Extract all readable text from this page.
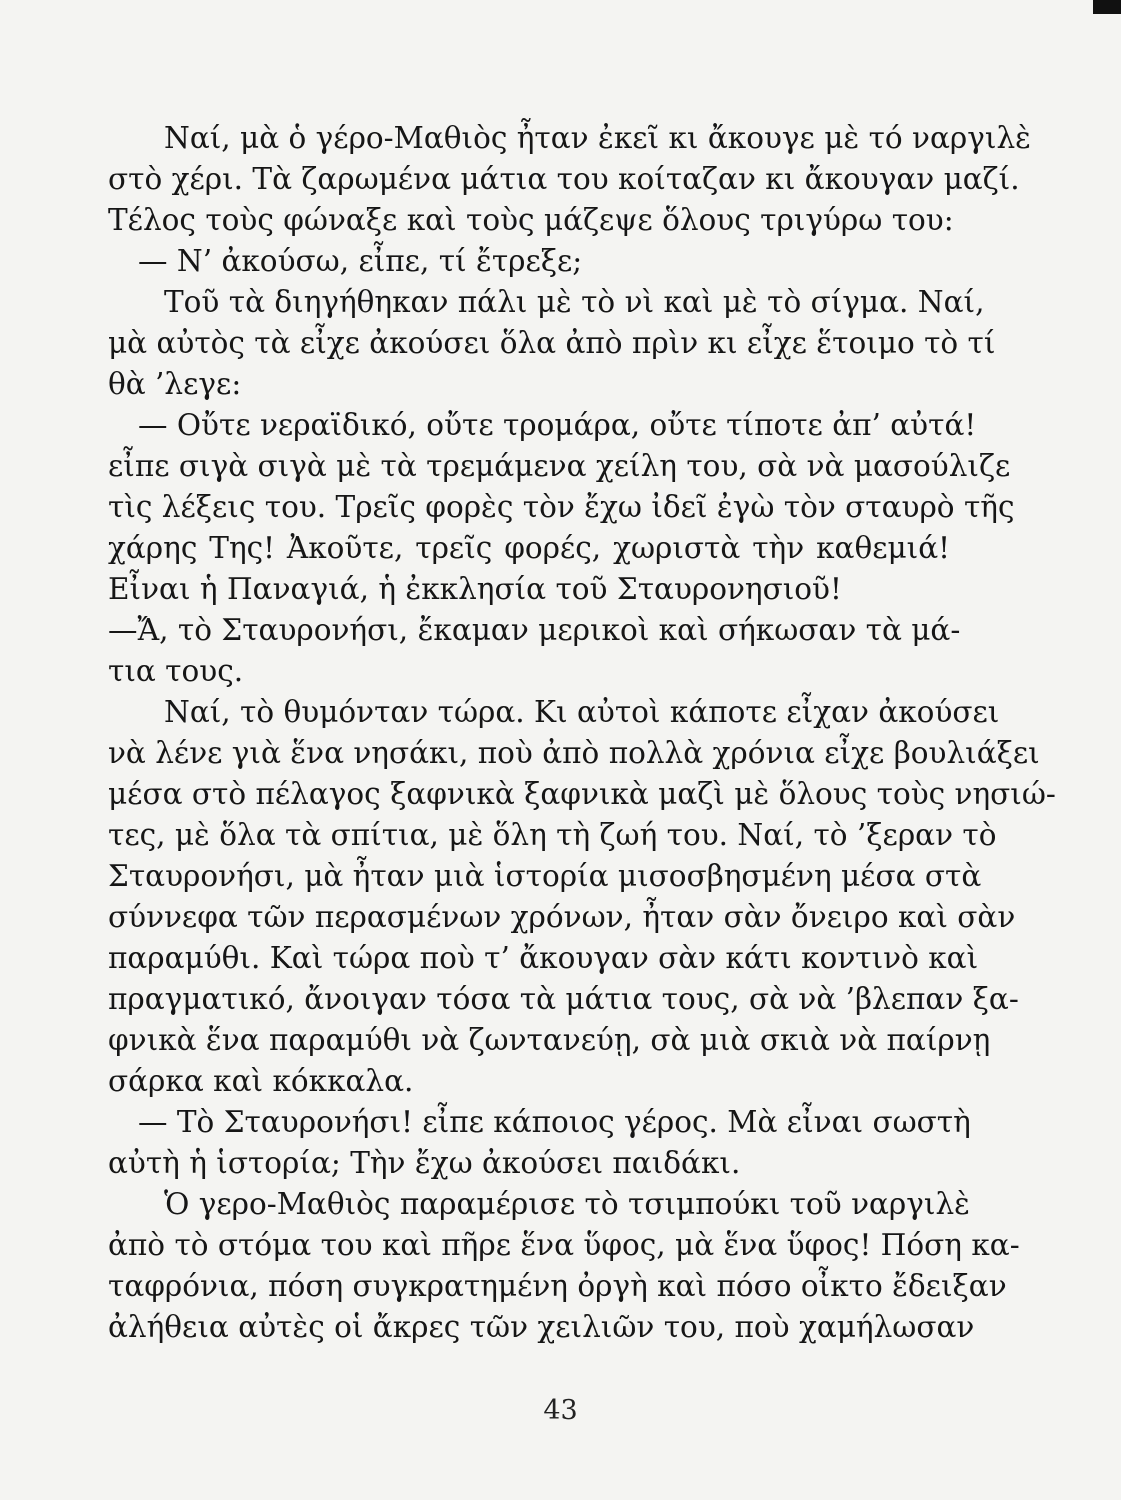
Ναί, μὰ ὁ γέρο-Μαθιὸς ἦταν ἐκεῖ κι ἄκουγε μὲ τό ναργιλὲ
στὸ χέρι. Τὰ ζαρωμένα μάτια του κοίταζαν κι ἄκουγαν μαζί.
Τέλος τοὺς φώναξε καὶ τοὺς μάζεψε ὅλους τριγύρω του:
— Ν’ ἀκούσω, εἶπε, τί ἔτρεξε;
Τοῦ τὰ διηγήθηκαν πάλι μὲ τὸ νὶ καὶ μὲ τὸ σίγμα. Ναί,
μὰ αὐτὸς τὰ εἶχε ἀκούσει ὅλα ἀπὸ πρὶν κι εἶχε ἕτοιμο τὸ τί
θὰ ’λεγε:
— Οὔτε νεραϊδικό, οὔτε τρομάρα, οὔτε τίποτε ἀπ’ αὐτά!
εἶπε σιγὰ σιγὰ μὲ τὰ τρεμάμενα χείλη του, σὰ νὰ μασούλιζε
τὶς λέξεις του. Τρεῖς φορὲς τὸν ἔχω ἰδεῖ ἐγὼ τὸν σταυρὸ τῆς
χάρης Της! Ἀκοῦτε, τρεῖς φορές, χωριστὰ τὴν καθεμιά!
Εἶναι ἡ Παναγιά, ἡ ἐκκλησία τοῦ Σταυρονησιοῦ!
—Ἄ, τὸ Σταυρονήσι, ἔκαμαν μερικοὶ καὶ σήκωσαν τὰ μά-
τια τους.
Ναί, τὸ θυμόνταν τώρα. Κι αὐτοὶ κάποτε εἶχαν ἀκούσει
νὰ λένε γιὰ ἕνα νησάκι, ποὺ ἀπὸ πολλὰ χρόνια εἶχε βουλιάξει
μέσα στὸ πέλαγος ξαφνικὰ ξαφνικὰ μαζὶ μὲ ὅλους τοὺς νησιώ-
τες, μὲ ὅλα τὰ σπίτια, μὲ ὅλη τὴ ζωή του. Ναί, τὸ ’ξεραν τὸ
Σταυρονήσι, μὰ ἦταν μιὰ ἱστορία μισοσβησμένη μέσα στὰ
σύννεφα τῶν περασμένων χρόνων, ἦταν σὰν ὄνειρο καὶ σὰν
παραμύθι. Καὶ τώρα ποὺ τ’ ἄκουγαν σὰν κάτι κοντινὸ καὶ
πραγματικό, ἄνοιγαν τόσα τὰ μάτια τους, σὰ νὰ ’βλεπαν ξα-
φνικὰ ἕνα παραμύθι νὰ ζωντανεύῃ, σὰ μιὰ σκιὰ νὰ παίρνῃ
σάρκα καὶ κόκκαλα.
— Τὸ Σταυρονήσι! εἶπε κάποιος γέρος. Μὰ εἶναι σωστὴ
αὐτὴ ἡ ἱστορία; Τὴν ἔχω ἀκούσει παιδάκι.
Ὁ γερο-Μαθιὸς παραμέρισε τὸ τσιμπούκι τοῦ ναργιλὲ
ἀπὸ τὸ στόμα του καὶ πῆρε ἕνα ὕφος, μὰ ἕνα ὕφος! Πόση κα-
ταφρόνια, πόση συγκρατημένη ὀργὴ καὶ πόσο οἶκτο ἔδειξαν
ἀλήθεια αὐτὲς οἱ ἄκρες τῶν χειλιῶν του, ποὺ χαμήλωσαν
43
